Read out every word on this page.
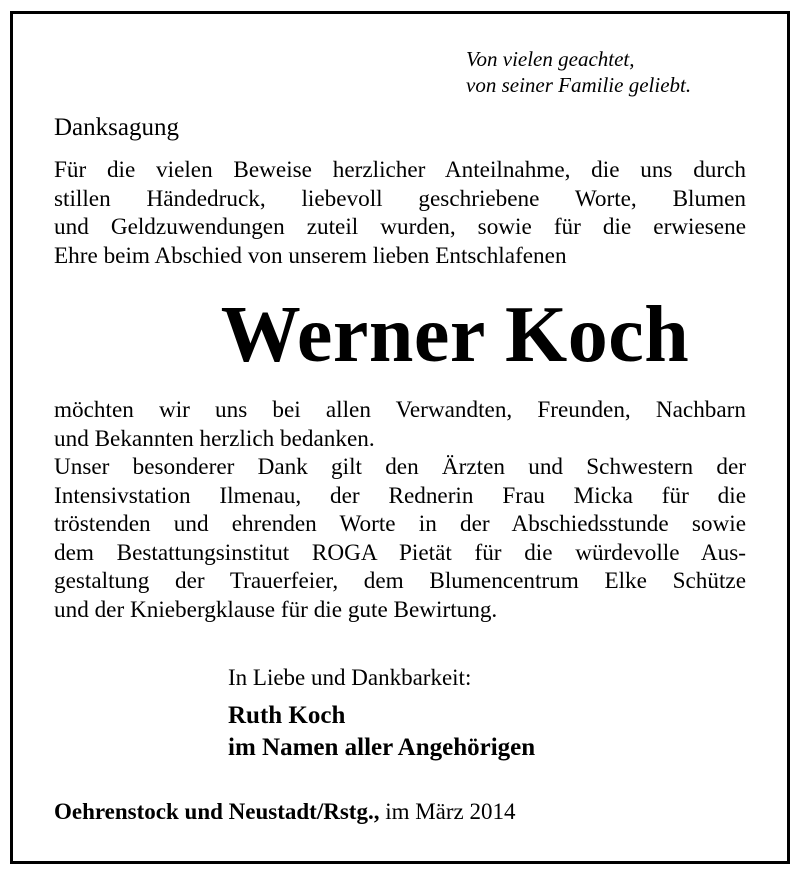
Von vielen geachtet,
von seiner Familie geliebt.
Danksagung
Für die vielen Beweise herzlicher Anteilnahme, die uns durch
stillen Händedruck, liebevoll geschriebene Worte, Blumen
und Geldzuwendungen zuteil wurden, sowie für die erwiesene
Ehre beim Abschied von unserem lieben Entschlafenen
Werner Koch
möchten wir uns bei allen Verwandten, Freunden, Nachbarn
und Bekannten herzlich bedanken.
Unser besonderer Dank gilt den Ärzten und Schwestern der
Intensivstation Ilmenau, der Rednerin Frau Micka für die
tröstenden und ehrenden Worte in der Abschiedsstunde sowie
dem Bestattungsinstitut ROGA Pietät für die würdevolle Aus-
gestaltung der Trauerfeier, dem Blumencentrum Elke Schütze
und der Kniebergklause für die gute Bewirtung.
In Liebe und Dankbarkeit:
Ruth Koch
im Namen aller Angehörigen
Oehrenstock und Neustadt/Rstg., im März 2014
